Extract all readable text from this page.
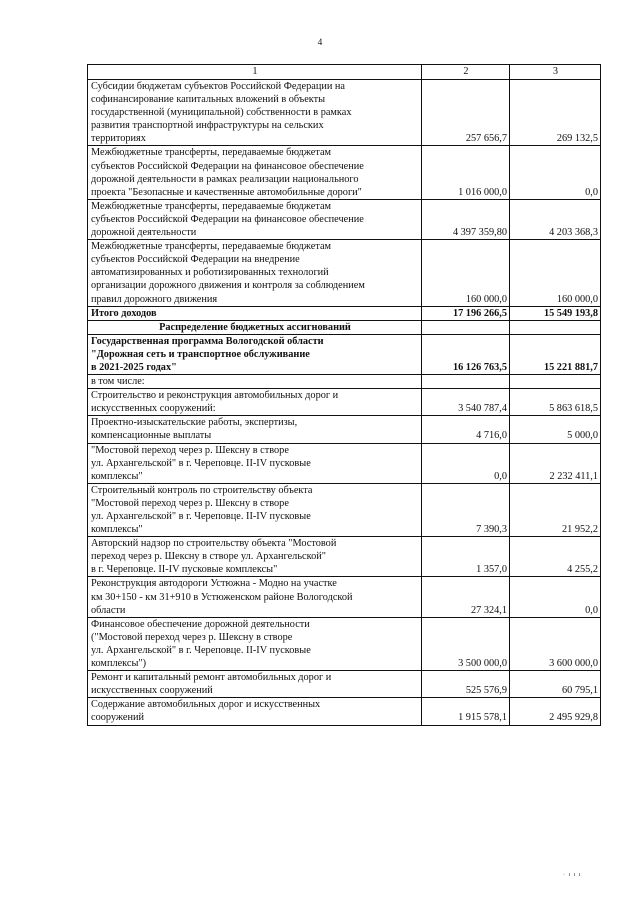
4
1	2	3

Субсидии бюджетам субъектов Российской Федерации на
софинансирование капитальных вложений в объекты
государственной (муниципальной) собственности в рамках
развития транспортной инфраструктуры на сельских
территориях	257 656,7	269 132,5

Межбюджетные трансферты, передаваемые бюджетам
субъектов Российской Федерации на финансовое обеспечение
дорожной деятельности в рамках реализации национального
проекта "Безопасные и качественные автомобильные дороги"	1 016 000,0	0,0

Межбюджетные трансферты, передаваемые бюджетам
субъектов Российской Федерации на финансовое обеспечение
дорожной деятельности	4 397 359,80	4 203 368,3

Межбюджетные трансферты, передаваемые бюджетам
субъектов Российской Федерации на внедрение
автоматизированных и роботизированных технологий
организации дорожного движения и контроля за соблюдением
правил дорожного движения	160 000,0	160 000,0

Итого доходов	17 196 266,5	15 549 193,8

Распределение бюджетных ассигнований		

Государственная программа Вологодской области
"Дорожная сеть и транспортное обслуживание
в 2021-2025 годах"	16 126 763,5	15 221 881,7

в том числе:		

Строительство и реконструкция автомобильных дорог и
искусственных сооружений:	3 540 787,4	5 863 618,5

Проектно-изыскательские работы, экспертизы,
компенсационные выплаты	4 716,0	5 000,0

"Мостовой переход через р. Шексну в створе
ул. Архангельской" в г. Череповце. II-IV пусковые
комплексы"	0,0	2 232 411,1

Строительный контроль по строительству объекта
"Мостовой переход через р. Шексну в створе
ул. Архангельской" в г. Череповце. II-IV пусковые
комплексы"	7 390,3	21 952,2

Авторский надзор по строительству объекта "Мостовой
переход через р. Шексну в створе ул. Архангельской"
в г. Череповце. II-IV пусковые комплексы"	1 357,0	4 255,2

Реконструкция автодороги Устюжна - Модно на участке
км 30+150 - км 31+910 в Устюженском районе Вологодской
области	27 324,1	0,0

Финансовое обеспечение дорожной деятельности
("Мостовой переход через р. Шексну в створе
ул. Архангельской" в г. Череповце. II-IV пусковые
комплексы")	3 500 000,0	3 600 000,0

Ремонт и капитальный ремонт автомобильных дорог и
искусственных сооружений	525 576,9	60 795,1

Содержание автомобильных дорог и искусственных
сооружений	1 915 578,1	2 495 929,8
· ı ı ı
